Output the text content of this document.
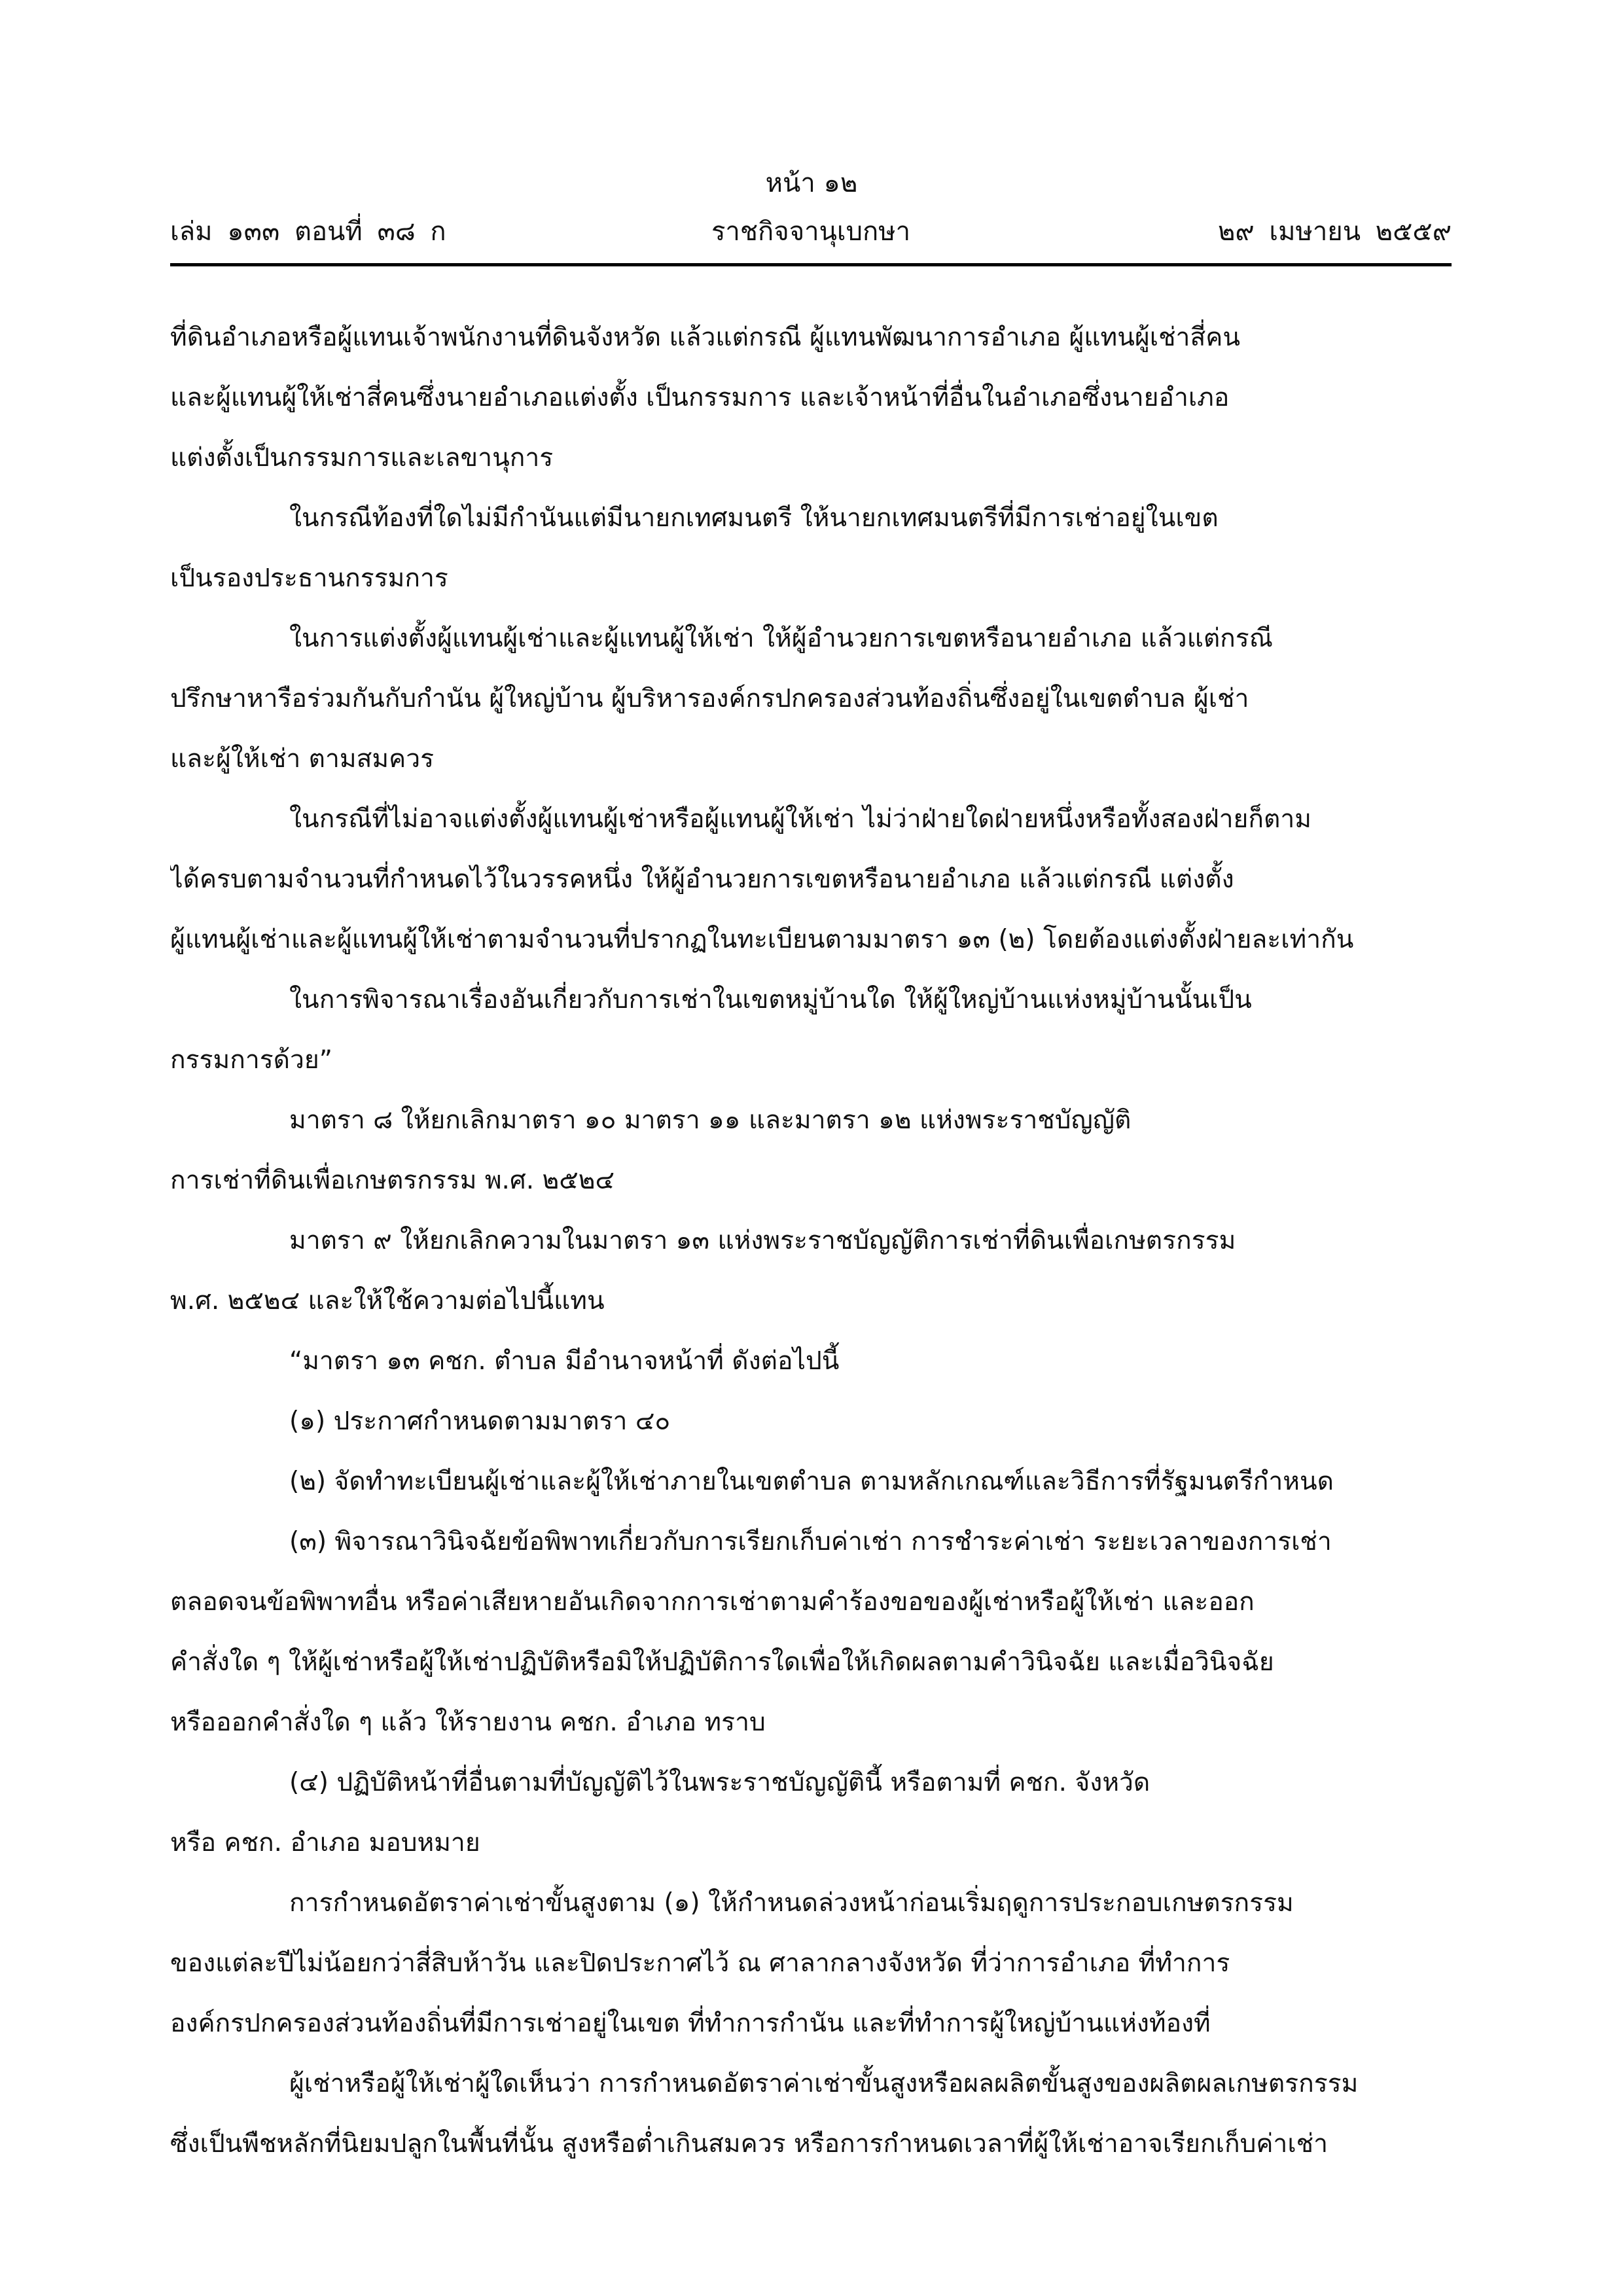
หน้า ๑๒
เล่ม ๑๓๓ ตอนที่ ๓๘ ก	ราชกิจจานุเบกษา	๒๙ เมษายน ๒๕๕๙
ที่ดินอำเภอหรือผู้แทนเจ้าพนักงานที่ดินจังหวัด แล้วแต่กรณี ผู้แทนพัฒนาการอำเภอ ผู้แทนผู้เช่าสี่คน
และผู้แทนผู้ให้เช่าสี่คนซึ่งนายอำเภอแต่งตั้ง เป็นกรรมการ และเจ้าหน้าที่อื่นในอำเภอซึ่งนายอำเภอ
แต่งตั้งเป็นกรรมการและเลขานุการ
ในกรณีท้องที่ใดไม่มีกำนันแต่มีนายกเทศมนตรี ให้นายกเทศมนตรีที่มีการเช่าอยู่ในเขต
เป็นรองประธานกรรมการ
ในการแต่งตั้งผู้แทนผู้เช่าและผู้แทนผู้ให้เช่า ให้ผู้อำนวยการเขตหรือนายอำเภอ แล้วแต่กรณี
ปรึกษาหารือร่วมกันกับกำนัน ผู้ใหญ่บ้าน ผู้บริหารองค์กรปกครองส่วนท้องถิ่นซึ่งอยู่ในเขตตำบล ผู้เช่า
และผู้ให้เช่า ตามสมควร
ในกรณีที่ไม่อาจแต่งตั้งผู้แทนผู้เช่าหรือผู้แทนผู้ให้เช่า ไม่ว่าฝ่ายใดฝ่ายหนึ่งหรือทั้งสองฝ่ายก็ตาม
ได้ครบตามจำนวนที่กำหนดไว้ในวรรคหนึ่ง ให้ผู้อำนวยการเขตหรือนายอำเภอ แล้วแต่กรณี แต่งตั้ง
ผู้แทนผู้เช่าและผู้แทนผู้ให้เช่าตามจำนวนที่ปรากฏในทะเบียนตามมาตรา ๑๓ (๒) โดยต้องแต่งตั้งฝ่ายละเท่ากัน
ในการพิจารณาเรื่องอันเกี่ยวกับการเช่าในเขตหมู่บ้านใด ให้ผู้ใหญ่บ้านแห่งหมู่บ้านนั้นเป็น
กรรมการด้วย”
มาตรา ๘ ให้ยกเลิกมาตรา ๑๐ มาตรา ๑๑ และมาตรา ๑๒ แห่งพระราชบัญญัติ
การเช่าที่ดินเพื่อเกษตรกรรม พ.ศ. ๒๕๒๔
มาตรา ๙ ให้ยกเลิกความในมาตรา ๑๓ แห่งพระราชบัญญัติการเช่าที่ดินเพื่อเกษตรกรรม
พ.ศ. ๒๕๒๔ และให้ใช้ความต่อไปนี้แทน
“มาตรา ๑๓ คชก. ตำบล มีอำนาจหน้าที่ ดังต่อไปนี้
(๑) ประกาศกำหนดตามมาตรา ๔๐
(๒) จัดทำทะเบียนผู้เช่าและผู้ให้เช่าภายในเขตตำบล ตามหลักเกณฑ์และวิธีการที่รัฐมนตรีกำหนด
(๓) พิจารณาวินิจฉัยข้อพิพาทเกี่ยวกับการเรียกเก็บค่าเช่า การชำระค่าเช่า ระยะเวลาของการเช่า
ตลอดจนข้อพิพาทอื่น หรือค่าเสียหายอันเกิดจากการเช่าตามคำร้องขอของผู้เช่าหรือผู้ให้เช่า และออก
คำสั่งใด ๆ ให้ผู้เช่าหรือผู้ให้เช่าปฏิบัติหรือมิให้ปฏิบัติการใดเพื่อให้เกิดผลตามคำวินิจฉัย และเมื่อวินิจฉัย
หรือออกคำสั่งใด ๆ แล้ว ให้รายงาน คชก. อำเภอ ทราบ
(๔) ปฏิบัติหน้าที่อื่นตามที่บัญญัติไว้ในพระราชบัญญัตินี้ หรือตามที่ คชก. จังหวัด
หรือ คชก. อำเภอ มอบหมาย
การกำหนดอัตราค่าเช่าขั้นสูงตาม (๑) ให้กำหนดล่วงหน้าก่อนเริ่มฤดูการประกอบเกษตรกรรม
ของแต่ละปีไม่น้อยกว่าสี่สิบห้าวัน และปิดประกาศไว้ ณ ศาลากลางจังหวัด ที่ว่าการอำเภอ ที่ทำการ
องค์กรปกครองส่วนท้องถิ่นที่มีการเช่าอยู่ในเขต ที่ทำการกำนัน และที่ทำการผู้ใหญ่บ้านแห่งท้องที่
ผู้เช่าหรือผู้ให้เช่าผู้ใดเห็นว่า การกำหนดอัตราค่าเช่าขั้นสูงหรือผลผลิตขั้นสูงของผลิตผลเกษตรกรรม
ซึ่งเป็นพืชหลักที่นิยมปลูกในพื้นที่นั้น สูงหรือต่ำเกินสมควร หรือการกำหนดเวลาที่ผู้ให้เช่าอาจเรียกเก็บค่าเช่า
